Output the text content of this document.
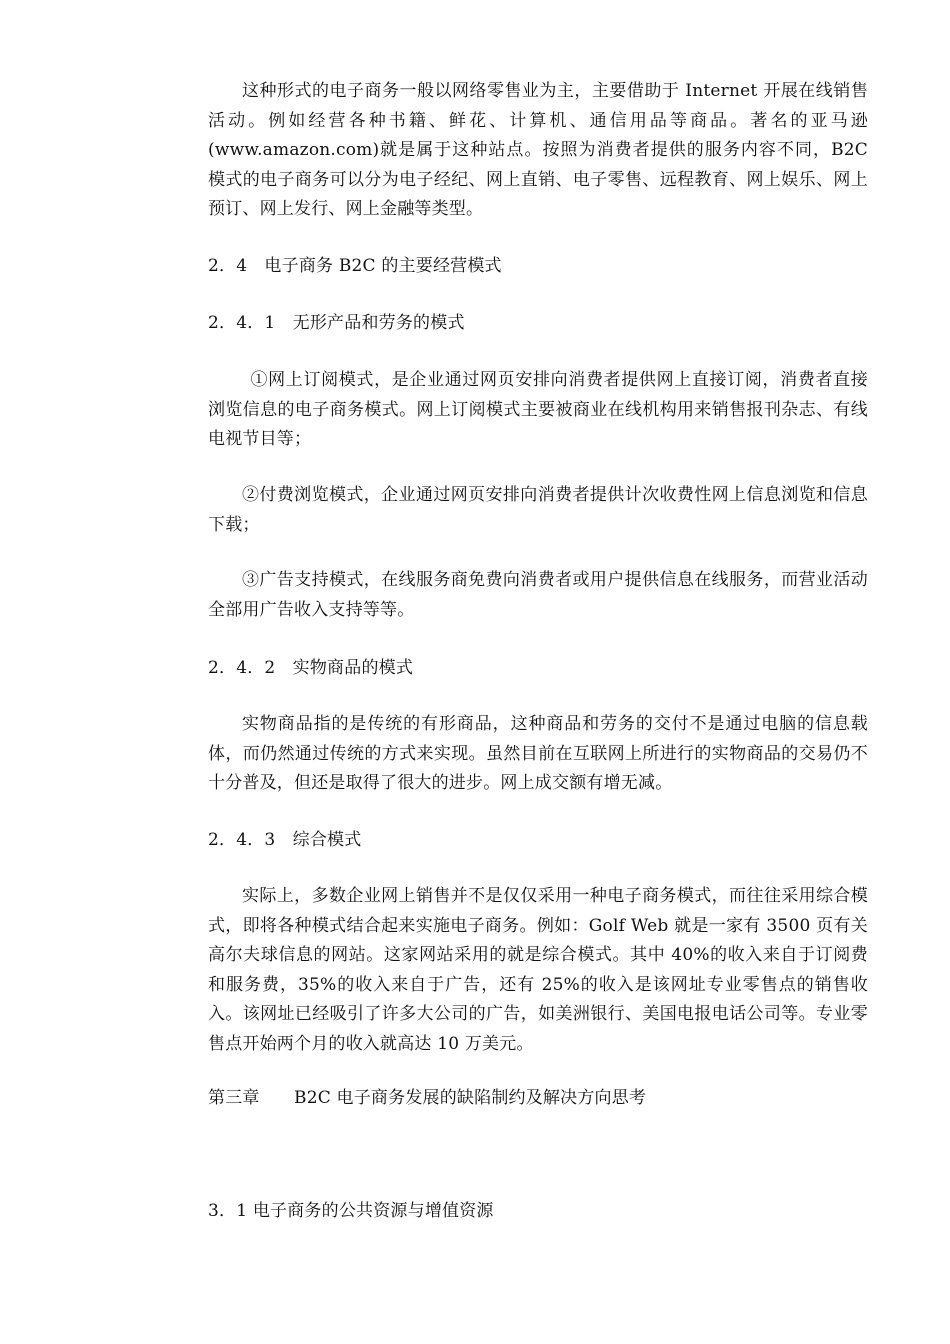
这种形式的电子商务一般以网络零售业为主，主要借助于 Internet 开展在线销售活动。例如经营各种书籍、鲜花、计算机、通信用品等商品。著名的亚马逊(www.amazon.com)就是属于这种站点。按照为消费者提供的服务内容不同，B2C 模式的电子商务可以分为电子经纪、网上直销、电子零售、远程教育、网上娱乐、网上预订、网上发行、网上金融等类型。

2．4　电子商务 B2C 的主要经营模式

2．4．1　无形产品和劳务的模式

①网上订阅模式，是企业通过网页安排向消费者提供网上直接订阅，消费者直接浏览信息的电子商务模式。网上订阅模式主要被商业在线机构用来销售报刊杂志、有线电视节目等；

②付费浏览模式，企业通过网页安排向消费者提供计次收费性网上信息浏览和信息下载；

③广告支持模式，在线服务商免费向消费者或用户提供信息在线服务，而营业活动全部用广告收入支持等等。

2．4．2　实物商品的模式

实物商品指的是传统的有形商品，这种商品和劳务的交付不是通过电脑的信息载体，而仍然通过传统的方式来实现。虽然目前在互联网上所进行的实物商品的交易仍不十分普及，但还是取得了很大的进步。网上成交额有增无减。

2．4．3　综合模式

实际上，多数企业网上销售并不是仅仅采用一种电子商务模式，而往往采用综合模式，即将各种模式结合起来实施电子商务。例如：Golf Web 就是一家有 3500 页有关高尔夫球信息的网站。这家网站采用的就是综合模式。其中 40%的收入来自于订阅费和服务费，35%的收入来自于广告，还有 25%的收入是该网址专业零售点的销售收入。该网址已经吸引了许多大公司的广告，如美洲银行、美国电报电话公司等。专业零售点开始两个月的收入就高达 10 万美元。

第三章　　B2C 电子商务发展的缺陷制约及解决方向思考

3．1 电子商务的公共资源与增值资源
